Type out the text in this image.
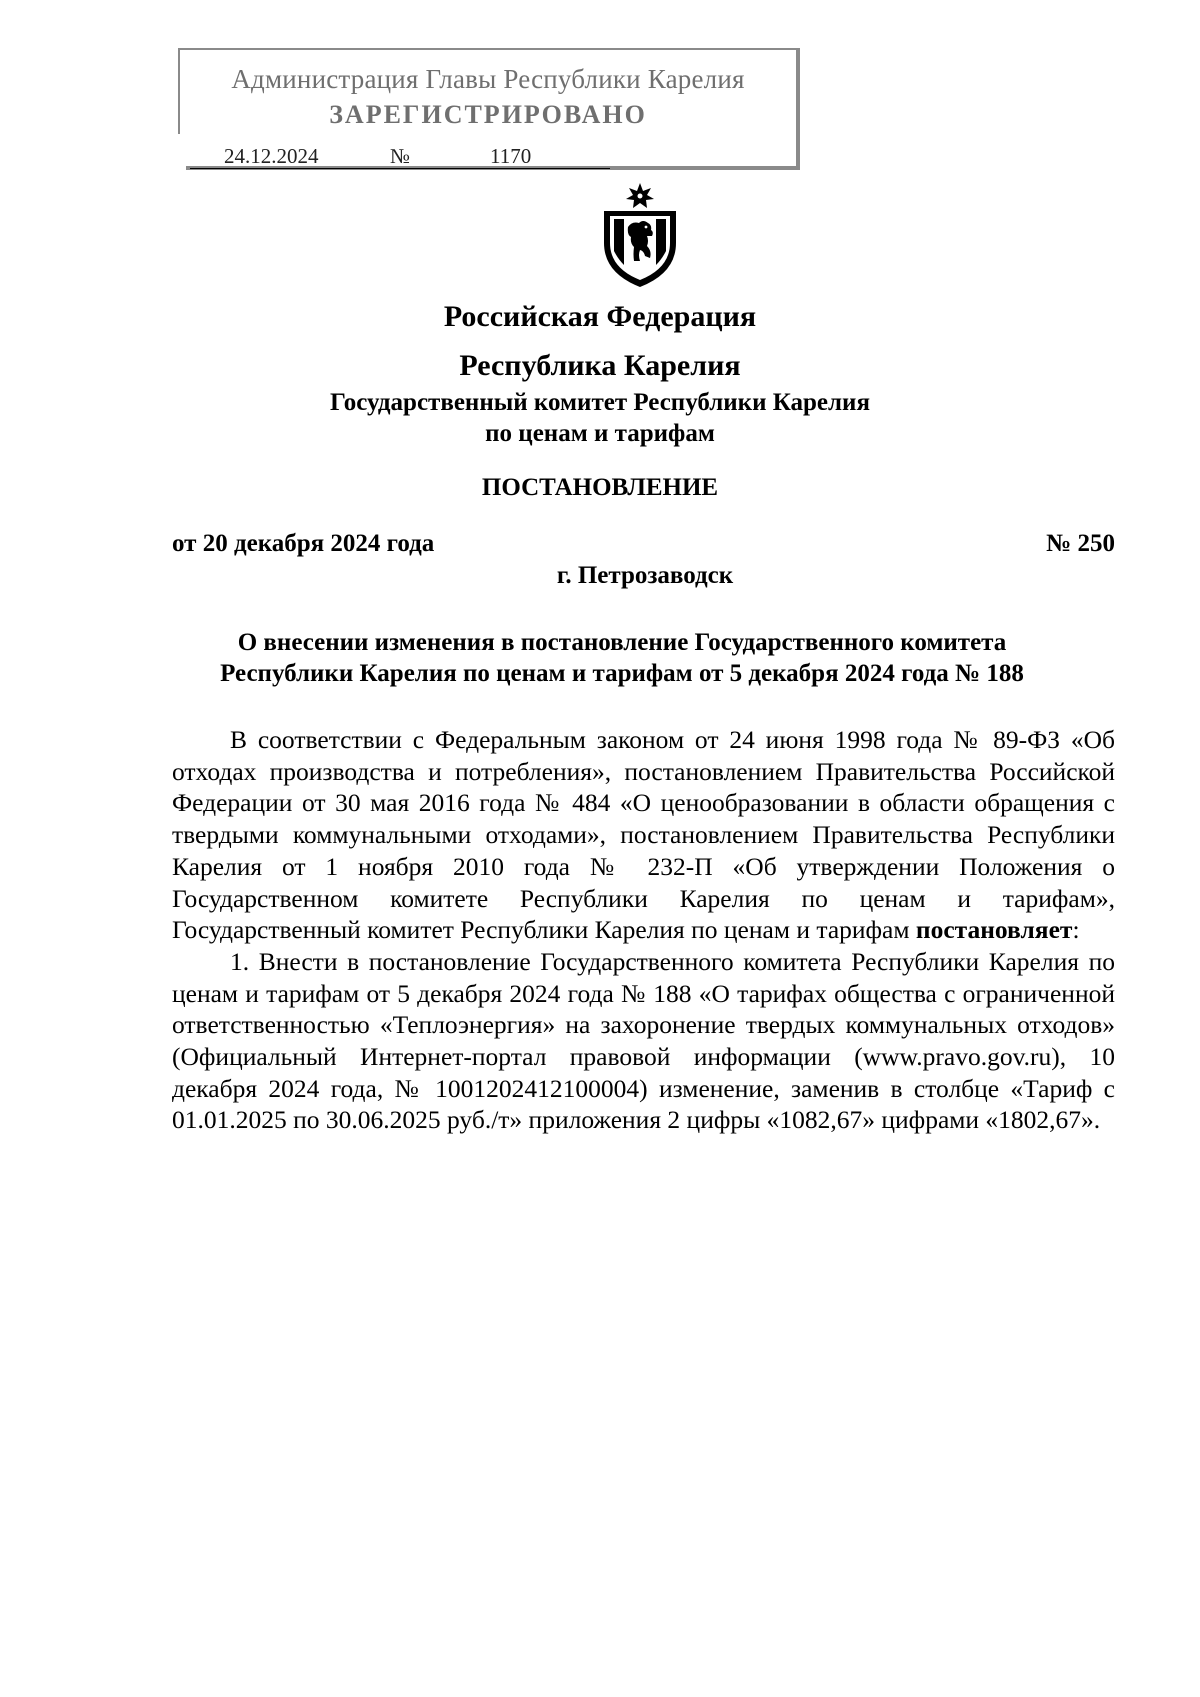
Администрация Главы Республики Карелия
ЗАРЕГИСТРИРОВАНО
24.12.2024	№	1170
Российская Федерация
Республика Карелия
Государственный комитет Республики Карелия
по ценам и тарифам
ПОСТАНОВЛЕНИЕ
от 20 декабря 2024 года	№ 250
г. Петрозаводск
О внесении изменения в постановление Государственного комитета
Республики Карелия по ценам и тарифам от 5 декабря 2024 года № 188

В соответствии с Федеральным законом от 24 июня 1998 года № 89-ФЗ «Об отходах производства и потребления», постановлением Правительства Российской Федерации от 30 мая 2016 года № 484 «О ценообразовании в области обращения с твердыми коммунальными отходами», постановлением Правительства Республики Карелия от 1 ноября 2010 года № 232-П «Об утверждении Положения о Государственном комитете Республики Карелия по ценам и тарифам», Государственный комитет Республики Карелия по ценам и тарифам постановляет:

1. Внести в постановление Государственного комитета Республики Карелия по ценам и тарифам от 5 декабря 2024 года № 188 «О тарифах общества с ограниченной ответственностью «Теплоэнергия» на захоронение твердых коммунальных отходов» (Официальный Интернет-портал правовой информации (www.pravo.gov.ru), 10 декабря 2024 года, № 1001202412100004) изменение, заменив в столбце «Тариф с 01.01.2025 по 30.06.2025 руб./т» приложения 2 цифры «1082,67» цифрами «1802,67».
